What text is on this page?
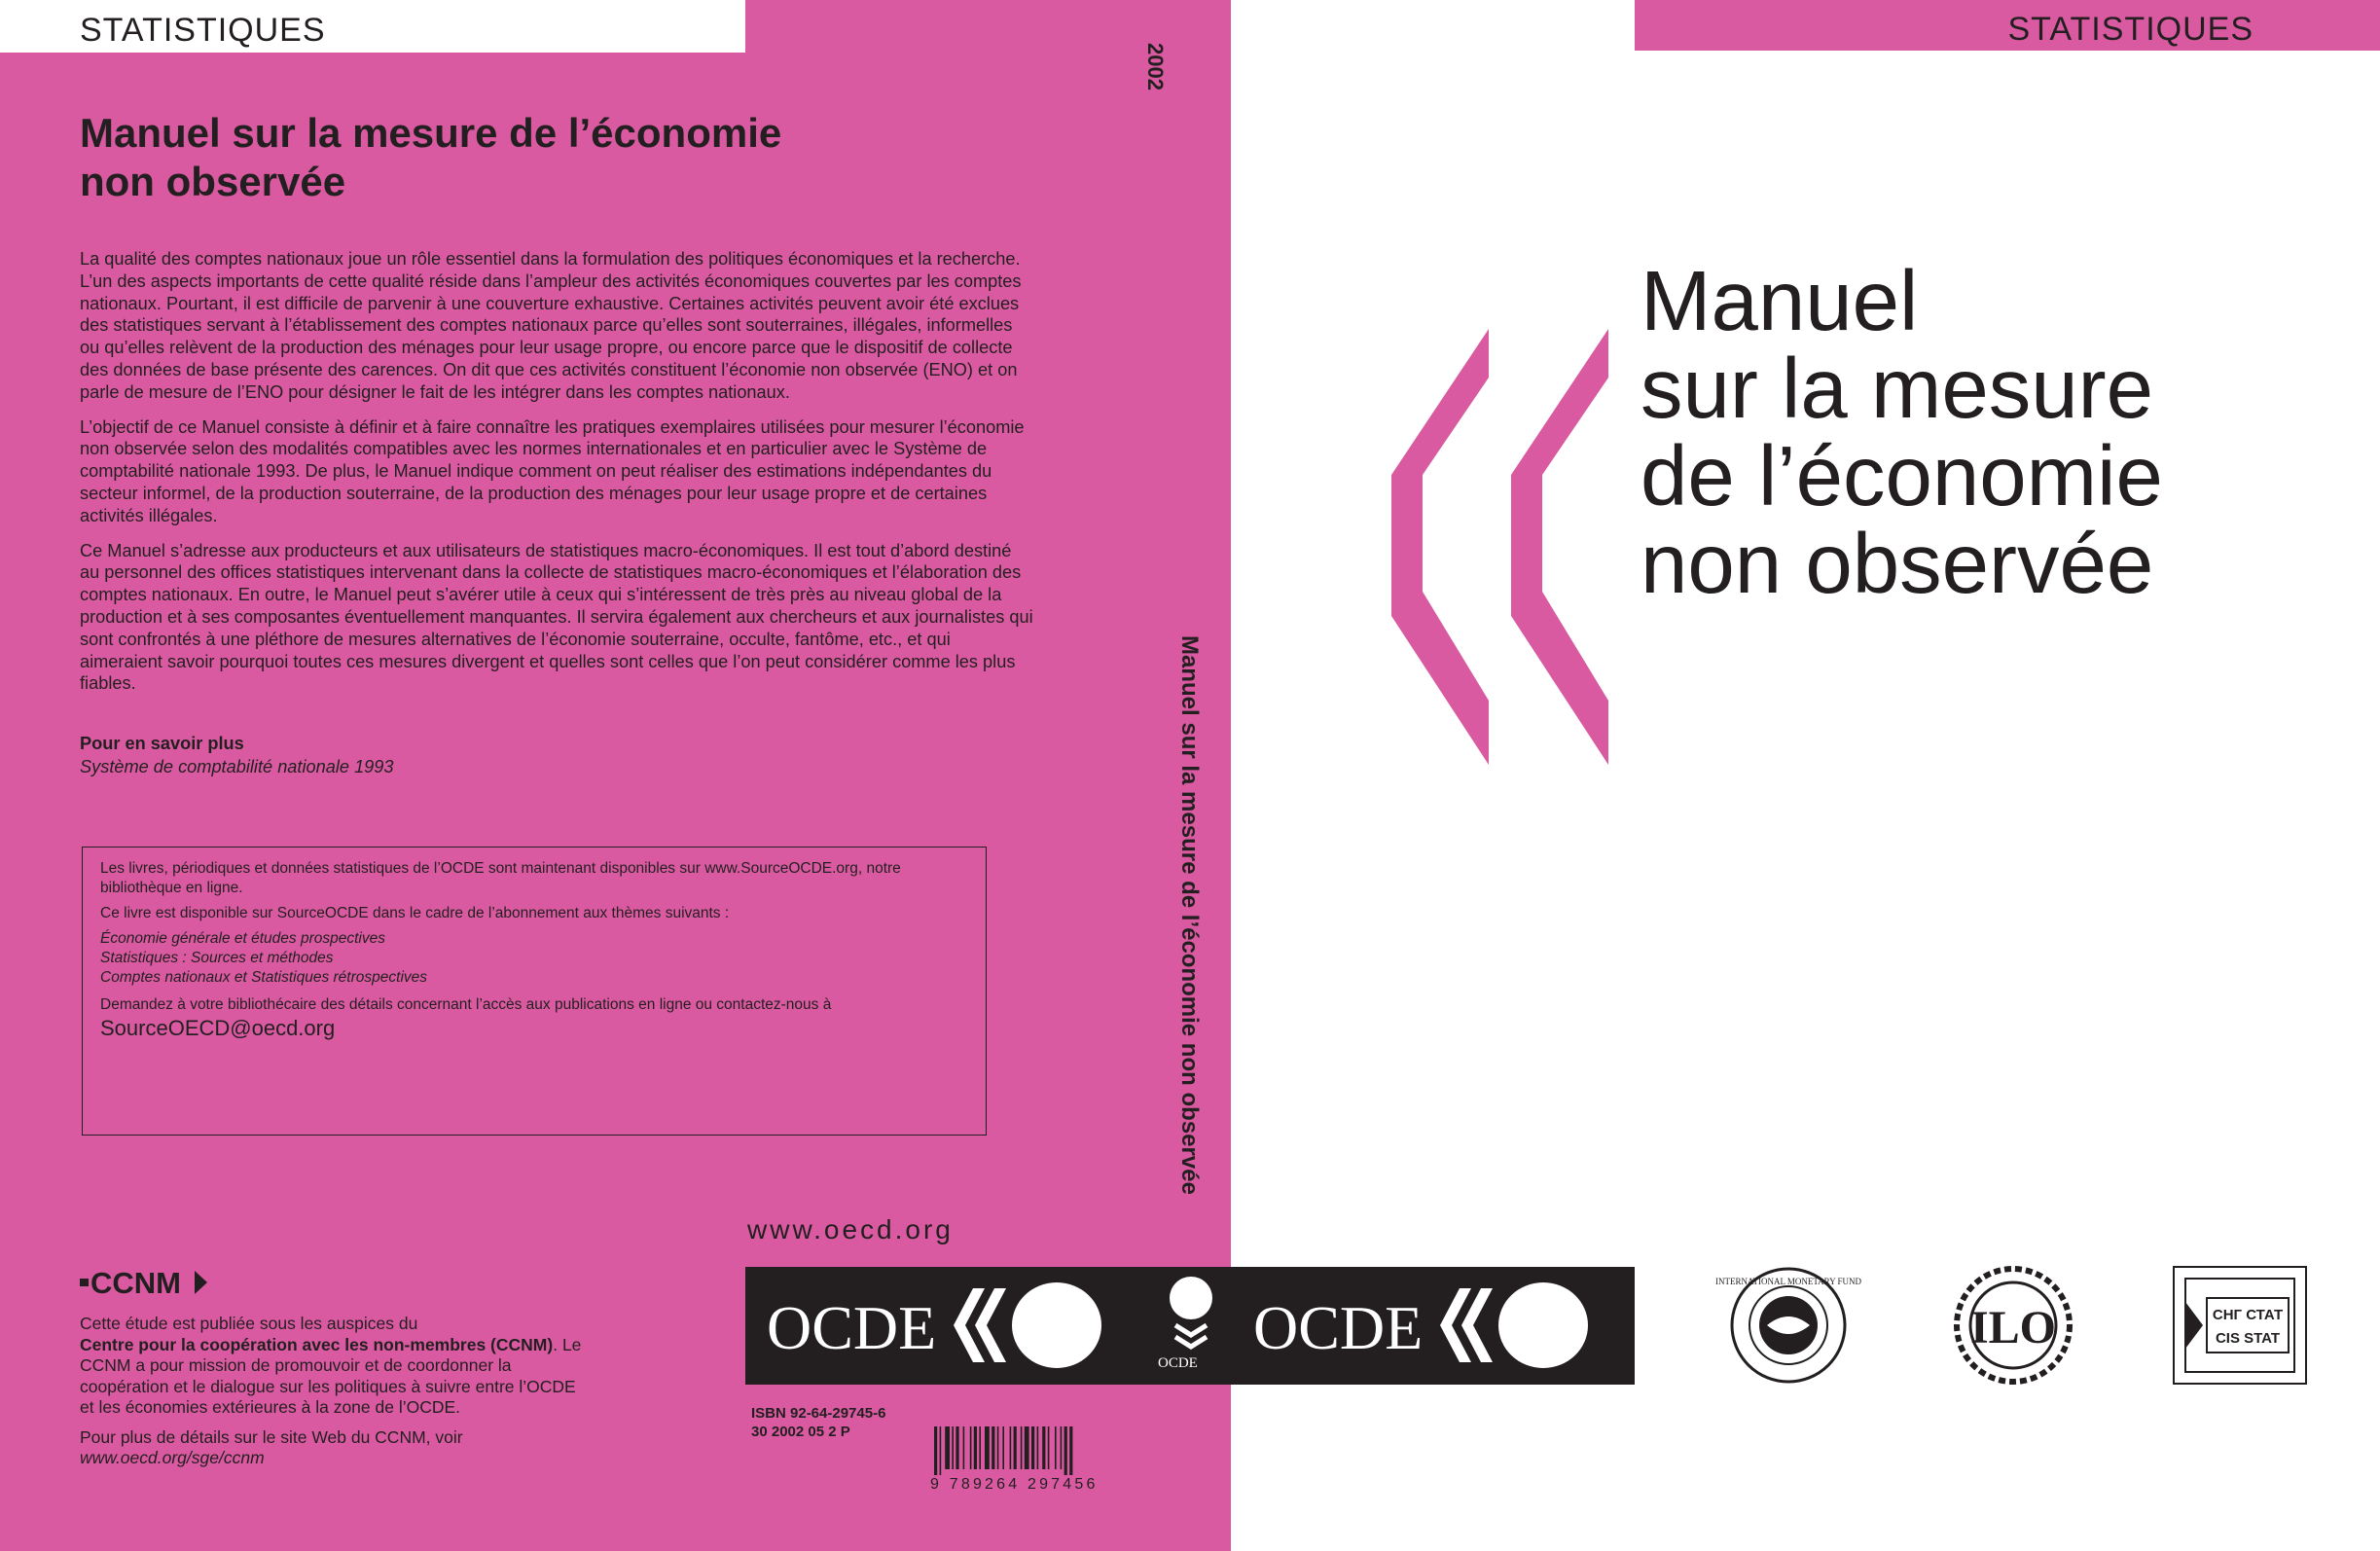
STATISTIQUES
Manuel sur la mesure de l’économie
non observée

La qualité des comptes nationaux joue un rôle essentiel dans la formulation des politiques économiques et la recherche. L’un des aspects importants de cette qualité réside dans l’ampleur des activités économiques couvertes par les comptes nationaux. Pourtant, il est difficile de parvenir à une couverture exhaustive. Certaines activités peuvent avoir été exclues des statistiques servant à l’établissement des comptes nationaux parce qu’elles sont souterraines, illégales, informelles ou qu’elles relèvent de la production des ménages pour leur usage propre, ou encore parce que le dispositif de collecte des données de base présente des carences. On dit que ces activités constituent l’économie non observée (ENO) et on parle de mesure de l’ENO pour désigner le fait de les intégrer dans les comptes nationaux.

L’objectif de ce Manuel consiste à définir et à faire connaître les pratiques exemplaires utilisées pour mesurer l’économie non observée selon des modalités compatibles avec les normes internationales et en particulier avec le Système de comptabilité nationale 1993. De plus, le Manuel indique comment on peut réaliser des estimations indépendantes du secteur informel, de la production souterraine, de la production des ménages pour leur usage propre et de certaines activités illégales.

Ce Manuel s’adresse aux producteurs et aux utilisateurs de statistiques macro-économiques. Il est tout d’abord destiné au personnel des offices statistiques intervenant dans la collecte de statistiques macro-économiques et l’élaboration des comptes nationaux. En outre, le Manuel peut s’avérer utile à ceux qui s’intéressent de très près au niveau global de la production et à ses composantes éventuellement manquantes. Il servira également aux chercheurs et aux journalistes qui sont confrontés à une pléthore de mesures alternatives de l’économie souterraine, occulte, fantôme, etc., et qui aimeraient savoir pourquoi toutes ces mesures divergent et quelles sont celles que l’on peut considérer comme les plus fiables.

Pour en savoir plus
Système de comptabilité nationale 1993

Les livres, périodiques et données statistiques de l’OCDE sont maintenant disponibles sur www.SourceOCDE.org, notre bibliothèque en ligne.

Ce livre est disponible sur SourceOCDE dans le cadre de l’abonnement aux thèmes suivants :

Économie générale et études prospectives
Statistiques : Sources et méthodes
Comptes nationaux et Statistiques rétrospectives

Demandez à votre bibliothécaire des détails concernant l’accès aux publications en ligne ou contactez-nous à

SourceOECD@oecd.org
CCNM

Cette étude est publiée sous les auspices du
Centre pour la coopération avec les non-membres (CCNM). Le CCNM a pour mission de promouvoir et de coordonner la coopération et le dialogue sur les politiques à suivre entre l’OCDE et les économies extérieures à la zone de l’OCDE.

Pour plus de détails sur le site Web du CCNM, voir
www.oecd.org/sge/ccnm

www.oecd.org
2002
Manuel sur la mesure de l’économie non observée
OCDE
OCDE
OCDE
ISBN 92-64-29745-6
30 2002 05 2 P
9 789264 297456
STATISTIQUES
Manuel
sur la mesure
de l’économie
non observée
INTERNATIONAL MONETARY FUND
ILO	СНГ СТАТ
CIS STAT
